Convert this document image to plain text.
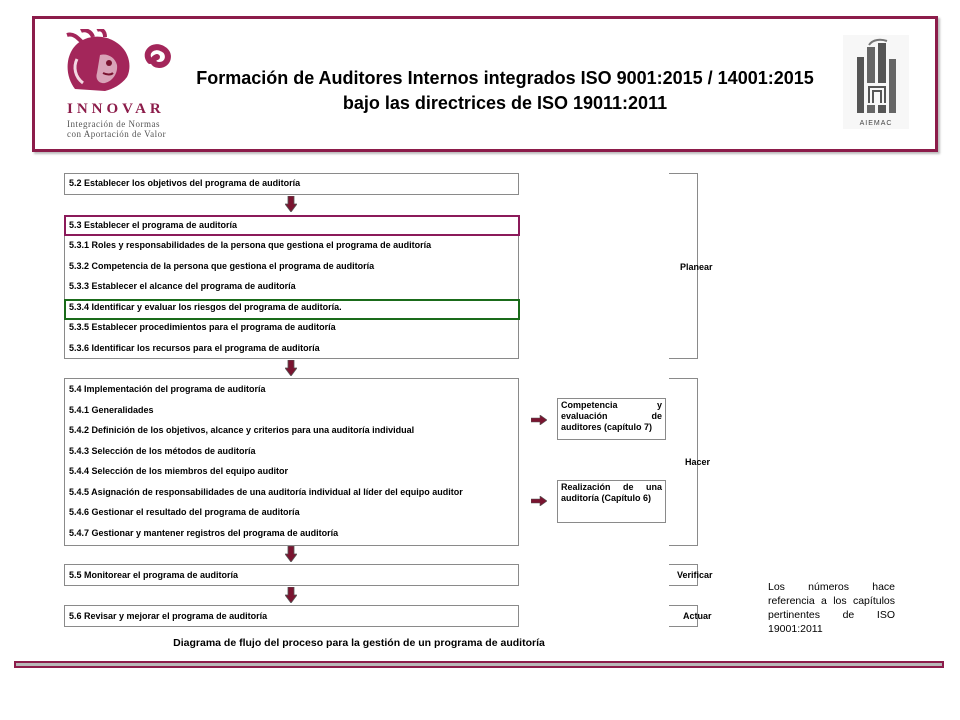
INNOVAR
Integración de Normas
con Aportación de Valor
Formación de Auditores Internos integrados ISO 9001:2015 / 14001:2015 bajo las directrices de ISO 19011:2011
AIEMAC
5.2 Establecer los objetivos del programa de auditoría
5.3 Establecer el programa de auditoría
5.3.1 Roles y responsabilidades de la persona que gestiona el programa de auditoría
5.3.2 Competencia de la persona que gestiona el programa de auditoría
5.3.3 Establecer el alcance del programa de auditoría
5.3.4 Identificar y evaluar los riesgos del programa de auditoría.
5.3.5 Establecer procedimientos para el programa de auditoría
5.3.6 Identificar los recursos para el programa de auditoría
5.4 Implementación del programa de auditoría
5.4.1 Generalidades
5.4.2 Definición de los objetivos, alcance y criterios para una auditoría individual
5.4.3 Selección de los métodos de auditoría
5.4.4 Selección de los miembros del equipo auditor
5.4.5 Asignación de responsabilidades de una auditoría individual al líder del equipo auditor
5.4.6 Gestionar el resultado del programa de auditoría
5.4.7 Gestionar y mantener registros del programa de auditoría
Competencia y evaluación de auditores (capítulo 7)
Realización de una auditoría (Capítulo 6)
5.5 Monitorear el programa de auditoría
5.6 Revisar y mejorar el programa de auditoría
Planear
Hacer
Verificar
Actuar
Los números hace referencia a los capítulos pertinentes de ISO 19001:2011
Diagrama de flujo del proceso para la gestión de un programa de auditoría
